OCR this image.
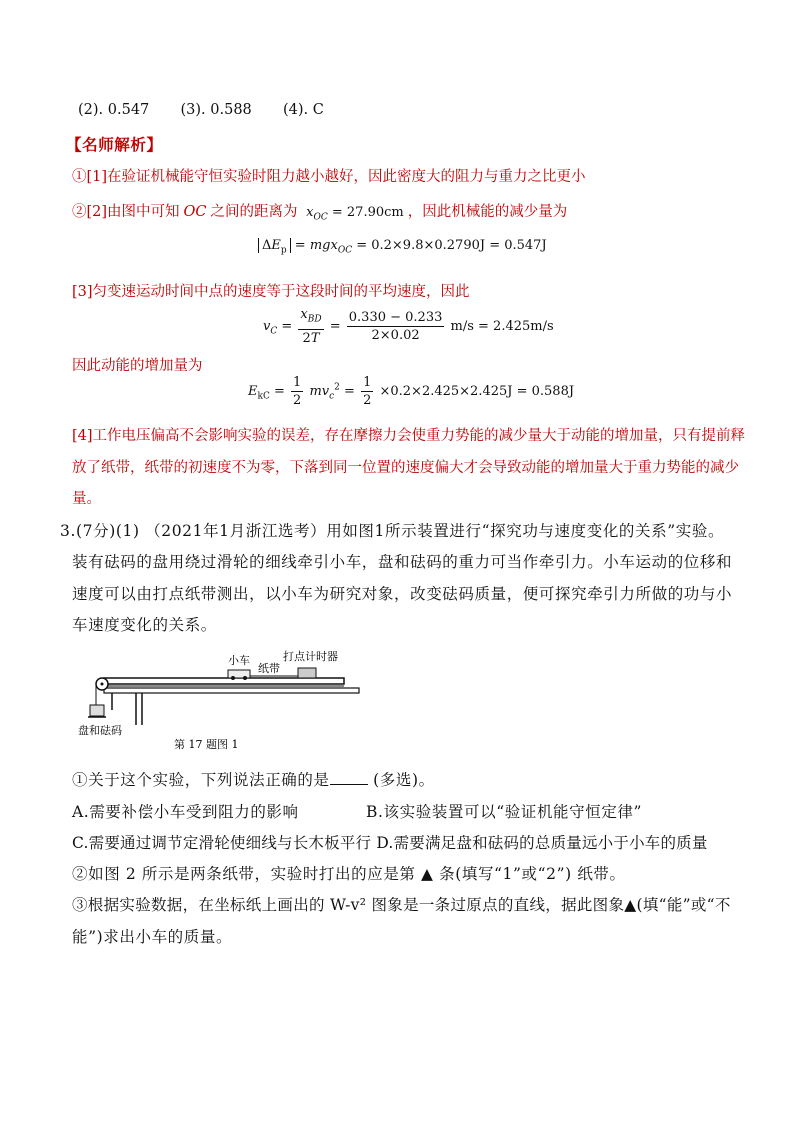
(2). 0.547 (3). 0.588 (4). C
【名师解析】
①[1]在验证机械能守恒实验时阻力越小越好，因此密度大的阻力与重力之比更小
②[2]由图中可知 OC 之间的距离为 $x_{OC} = 27.90cm$ ，因此机械能的减少量为
$\Delta E_p = mgx_{OC} = 0.2\times 9.8\times 0.2790J = 0.547J$
[3]匀变速运动时间中点的速度等于这段时间的平均速度，因此
$v_C = \frac{x_{BD}}{2T} = \frac{0.330 - 0.233}{2\times 0.02} m/s = 2.425m/s$
因此动能的增加量为
$E_{kC} = \frac{1}{2} mv_c^2 = \frac{1}{2} \times 0.2\times 2.425\times 2.425J = 0.588J$
[4]工作电压偏高不会影响实验的误差，存在摩擦力会使重力势能的减少量大于动能的增加量，只有提前释
放了纸带，纸带的初速度不为零，下落到同一位置的速度偏大才会导致动能的增加量大于重力势能的减少
量。
3.(7分)(1) （2021年1月浙江选考）用如图1所示装置进行“探究功与速度变化的关系”实验。
装有砝码的盘用绕过滑轮的细线牵引小车，盘和砝码的重力可当作牵引力。小车运动的位移和
速度可以由打点纸带测出，以小车为研究对象，改变砝码质量，便可探究牵引力所做的功与小
车速度变化的关系。
小车
纸带
打点计时器
盘和砝码
第 17 题图 1
①关于这个实验，下列说法正确的是 (多选)。
A.需要补偿小车受到阻力的影响	B.该实验装置可以“验证机能守恒定律”
C.需要通过调节定滑轮使细线与长木板平行 D.需要满足盘和砝码的总质量远小于小车的质量
②如图 2 所示是两条纸带，实验时打出的应是第 ▲ 条(填写“1”或“2”) 纸带。
③根据实验数据，在坐标纸上画出的 W-v² 图象是一条过原点的直线，据此图象▲(填“能”或“不
能”)求出小车的质量。
